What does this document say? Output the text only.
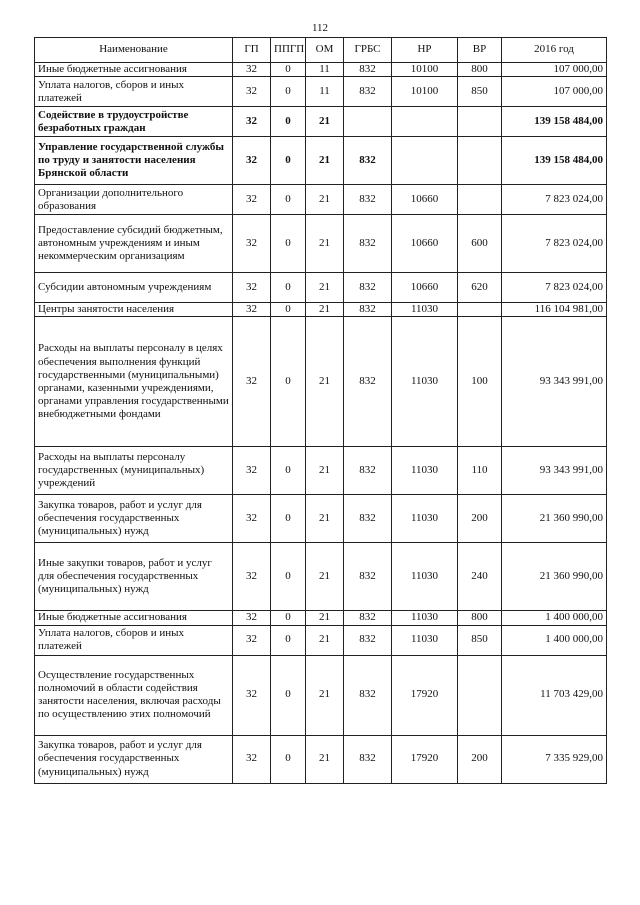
112
Наименование	ГП	ППГП	ОМ	ГРБС	НР	ВР	2016 год
Иные бюджетные ассигнования	32	0	11	832	10100	800	107 000,00
Уплата налогов, сборов и иных платежей	32	0	11	832	10100	850	107 000,00
Содействие в трудоустройстве безработных граждан	32	0	21				139 158 484,00
Управление государственной службы по труду и занятости населения Брянской области	32	0	21	832			139 158 484,00
Организации дополнительного образования	32	0	21	832	10660		7 823 024,00
Предоставление субсидий бюджетным, автономным учреждениям и иным некоммерческим организациям	32	0	21	832	10660	600	7 823 024,00
Субсидии автономным учреждениям	32	0	21	832	10660	620	7 823 024,00
Центры занятости населения	32	0	21	832	11030		116 104 981,00
Расходы на выплаты персоналу в целях обеспечения выполнения функций государственными (муниципальными) органами, казенными учреждениями, органами управления государственными внебюджетными фондами	32	0	21	832	11030	100	93 343 991,00
Расходы на выплаты персоналу государственных (муниципальных) учреждений	32	0	21	832	11030	110	93 343 991,00
Закупка товаров, работ и услуг для обеспечения государственных (муниципальных) нужд	32	0	21	832	11030	200	21 360 990,00
Иные закупки товаров, работ и услуг для обеспечения государственных (муниципальных) нужд	32	0	21	832	11030	240	21 360 990,00
Иные бюджетные ассигнования	32	0	21	832	11030	800	1 400 000,00
Уплата налогов, сборов и иных платежей	32	0	21	832	11030	850	1 400 000,00
Осуществление государственных полномочий в области содействия занятости населения, включая расходы по осуществлению этих полномочий	32	0	21	832	17920		11 703 429,00
Закупка товаров, работ и услуг для обеспечения государственных (муниципальных) нужд	32	0	21	832	17920	200	7 335 929,00
